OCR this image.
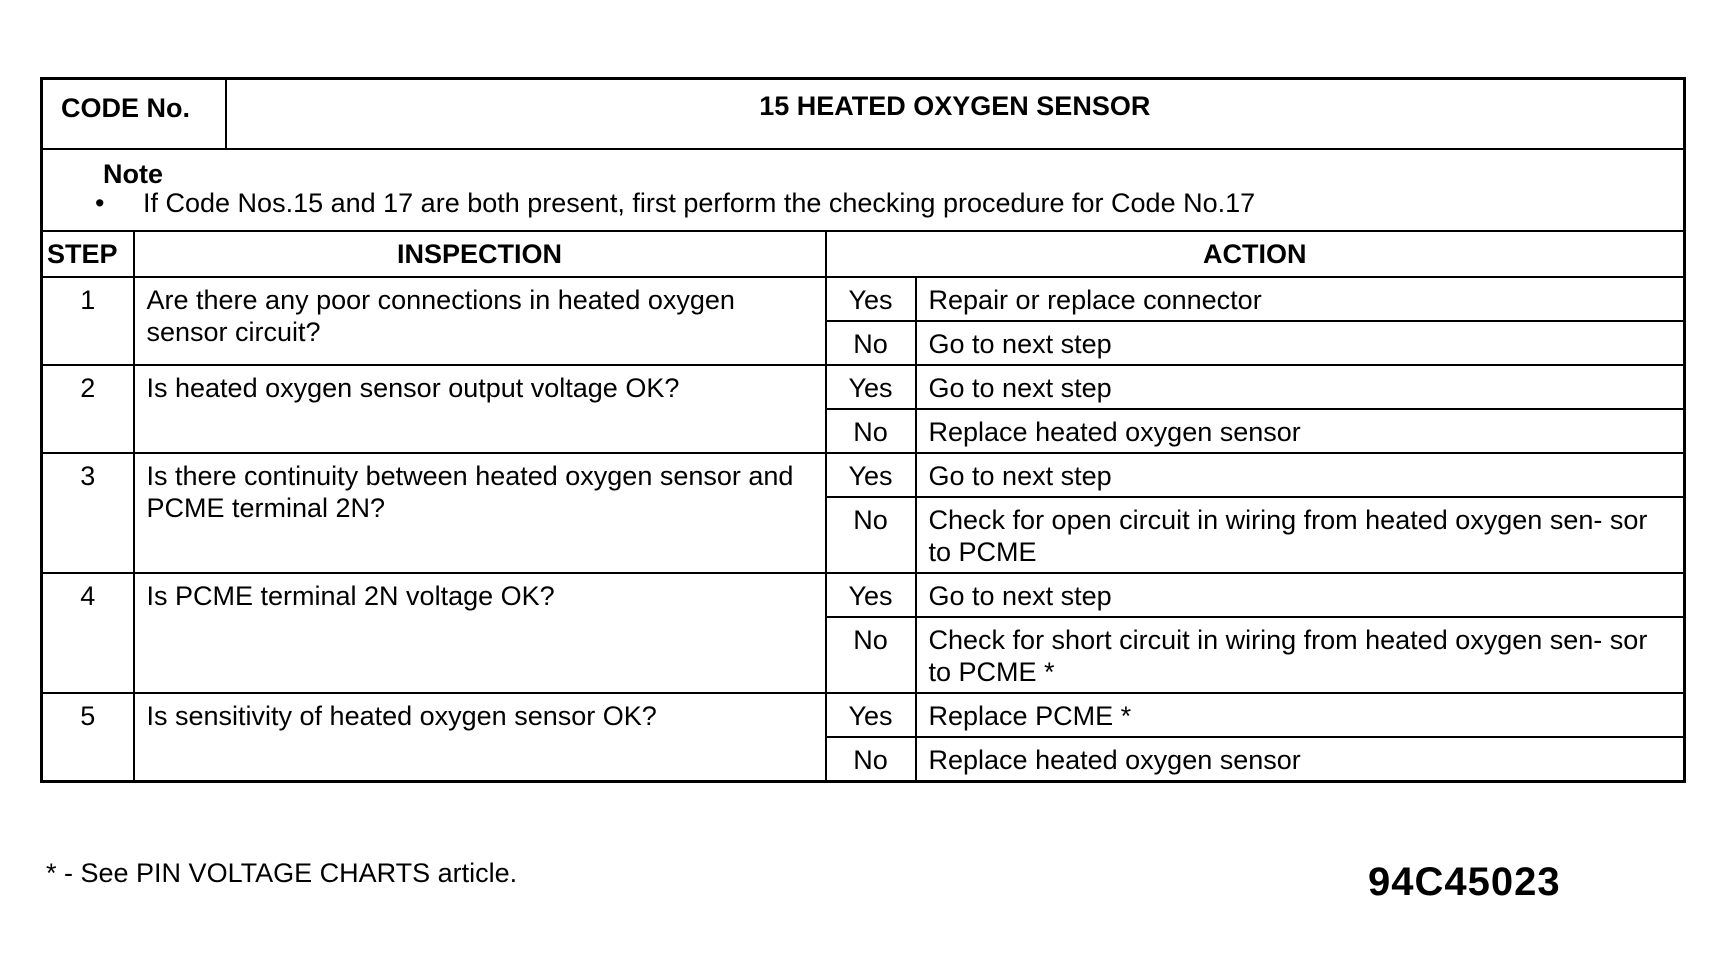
CODE No.		15 HEATED OXYGEN SENSOR		

Note
• If Code Nos.15 and 17 are both present, first perform the checking procedure for Code No.17				

STEP	INSPECTION		ACTION	
1	Are there any poor connections in heated oxygen sensor circuit?		Yes	Repair or replace connector
			No	Go to next step
2	Is heated oxygen sensor output voltage OK?		Yes	Go to next step
			No	Replace heated oxygen sensor
3	Is there continuity between heated oxygen sensor and PCME terminal 2N?		Yes	Go to next step
			No	Check for open circuit in wiring from heated oxygen sen- sor to PCME
4	Is PCME terminal 2N voltage OK?		Yes	Go to next step
			No	Check for short circuit in wiring from heated oxygen sen- sor to PCME *
5	Is sensitivity of heated oxygen sensor OK?		Yes	Replace PCME *
			No	Replace heated oxygen sensor
* - See PIN VOLTAGE CHARTS article.	94C45023
